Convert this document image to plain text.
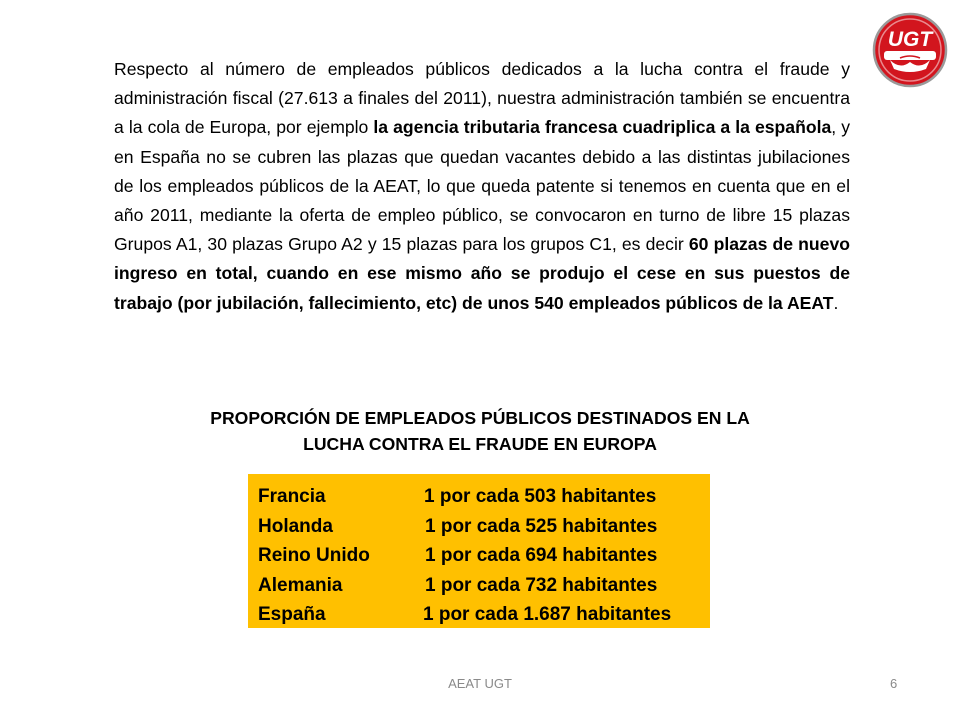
UGT

Respecto al número de empleados públicos dedicados a la lucha contra el fraude y administración fiscal (27.613 a finales del 2011), nuestra administración también se encuentra a la cola de Europa, por ejemplo la agencia tributaria francesa cuadriplica a la española, y en España no se cubren las plazas que quedan vacantes debido a las distintas jubilaciones de los empleados públicos de la AEAT, lo que queda patente si tenemos en cuenta que en el año 2011, mediante la oferta de empleo público, se convocaron en turno de libre 15 plazas Grupos A1, 30 plazas Grupo A2 y 15 plazas para los grupos C1, es decir 60 plazas de nuevo ingreso en total, cuando en ese mismo año se produjo el cese en sus puestos de trabajo (por jubilación, fallecimiento, etc) de unos 540 empleados públicos de la AEAT.

PROPORCIÓN DE EMPLEADOS PÚBLICOS DESTINADOS EN LA
LUCHA CONTRA EL FRAUDE EN EUROPA
Francia	1 por cada 503 habitantes
Holanda	1 por cada 525 habitantes
Reino Unido	1 por cada 694 habitantes
Alemania	1 por cada 732 habitantes
España	1 por cada 1.687 habitantes
AEAT UGT	6
